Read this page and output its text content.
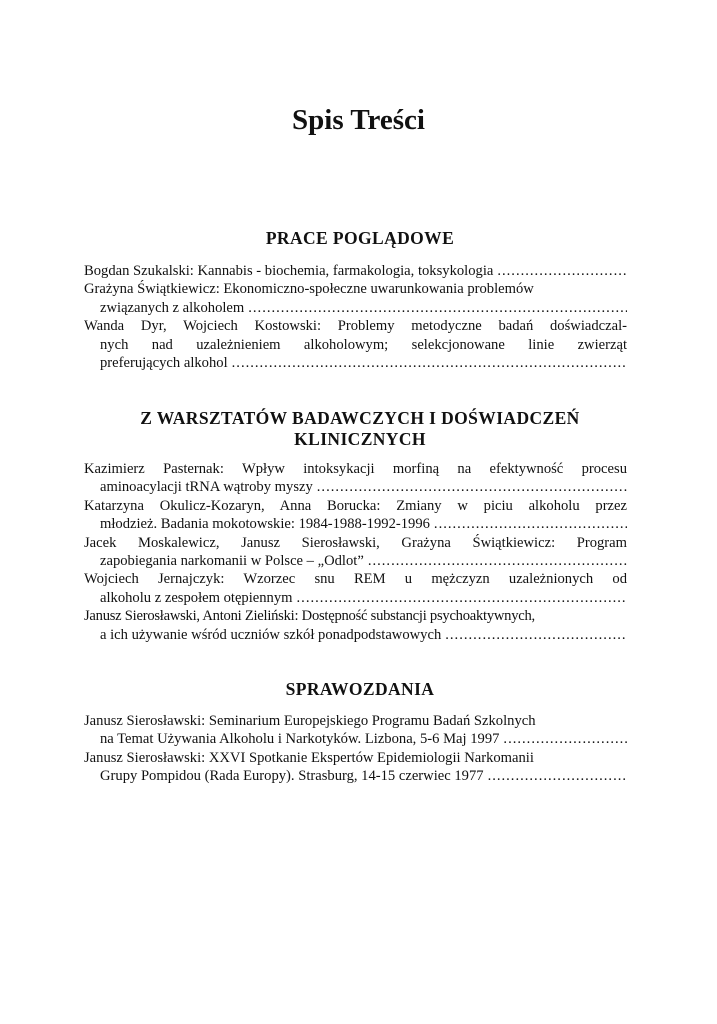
Spis Treści
PRACE POGLĄDOWE
Bogdan Szukalski: Kannabis - biochemia, farmakologia, toksykologia
.....
Grażyna Świątkiewicz: Ekonomiczno-społeczne uwarunkowania problemów
związanych z alkoholem
.....
Wanda Dyr, Wojciech Kostowski: Problemy metodyczne badań doświadczal-
nych nad uzależnieniem alkoholowym; selekcjonowane linie zwierząt
preferujących alkohol
.....
Z WARSZTATÓW BADAWCZYCH I DOŚWIADCZEŃ
KLINICZNYCH
Kazimierz Pasternak: Wpływ intoksykacji morfiną na efektywność procesu
aminoacylacji tRNA wątroby myszy
.....
Katarzyna Okulicz-Kozaryn, Anna Borucka: Zmiany w piciu alkoholu przez
młodzież. Badania mokotowskie: 1984-1988-1992-1996
.....
Jacek Moskalewicz, Janusz Sierosławski, Grażyna Świątkiewicz: Program
zapobiegania narkomanii w Polsce – „Odlot”
.....
Wojciech Jernajczyk: Wzorzec snu REM u mężczyzn uzależnionych od
alkoholu z zespołem otępiennym
.....
Janusz Sierosławski, Antoni Zieliński: Dostępność substancji psychoaktywnych,
a ich używanie wśród uczniów szkół ponadpodstawowych
.....
SPRAWOZDANIA
Janusz Sierosławski: Seminarium Europejskiego Programu Badań Szkolnych
na Temat Używania Alkoholu i Narkotyków. Lizbona, 5-6 Maj 1997
.....
Janusz Sierosławski: XXVI Spotkanie Ekspertów Epidemiologii Narkomanii
Grupy Pompidou (Rada Europy). Strasburg, 14-15 czerwiec 1977
.....
